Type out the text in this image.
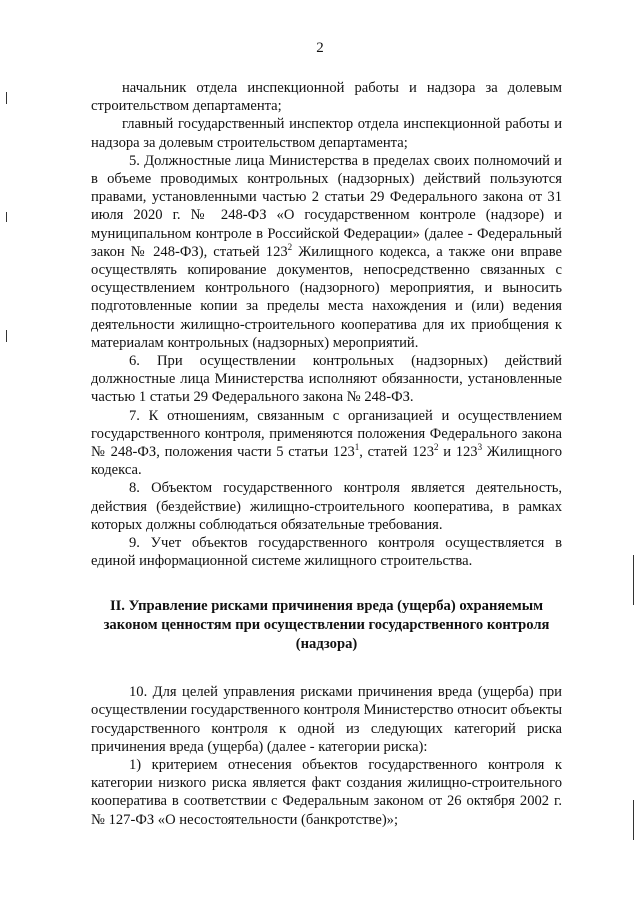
2

начальник отдела инспекционной работы и надзора за долевым строительством департамента;

главный государственный инспектор отдела инспекционной работы и надзора за долевым строительством департамента;

5. Должностные лица Министерства в пределах своих полномочий и в объеме проводимых контрольных (надзорных) действий пользуются правами, установленными частью 2 статьи 29 Федерального закона от 31 июля 2020 г. № 248-ФЗ «О государственном контроле (надзоре) и муниципальном контроле в Российской Федерации» (далее - Федеральный закон № 248-ФЗ), статьей $123^2$ Жилищного кодекса, а также они вправе осуществлять копирование документов, непосредственно связанных с осуществлением контрольного (надзорного) мероприятия, и выносить подготовленные копии за пределы места нахождения и (или) ведения деятельности жилищно-строительного кооператива для их приобщения к материалам контрольных (надзорных) мероприятий.

6. При осуществлении контрольных (надзорных) действий должностные лица Министерства исполняют обязанности, установленные частью 1 статьи 29 Федерального закона № 248-ФЗ.

7. К отношениям, связанным с организацией и осуществлением государственного контроля, применяются положения Федерального закона № 248-ФЗ, положения части 5 статьи $123^1$, статей $123^2$ и $123^3$ Жилищного кодекса.

8. Объектом государственного контроля является деятельность, действия (бездействие) жилищно-строительного кооператива, в рамках которых должны соблюдаться обязательные требования.

9. Учет объектов государственного контроля осуществляется в единой информационной системе жилищного строительства.

II. Управление рисками причинения вреда (ущерба) охраняемым законом ценностям при осуществлении государственного контроля (надзора)

10. Для целей управления рисками причинения вреда (ущерба) при осуществлении государственного контроля Министерство относит объекты государственного контроля к одной из следующих категорий риска причинения вреда (ущерба) (далее - категории риска):

1) критерием отнесения объектов государственного контроля к категории низкого риска является факт создания жилищно-строительного кооператива в соответствии с Федеральным законом от 26 октября 2002 г. № 127-ФЗ «О несостоятельности (банкротстве)»;
